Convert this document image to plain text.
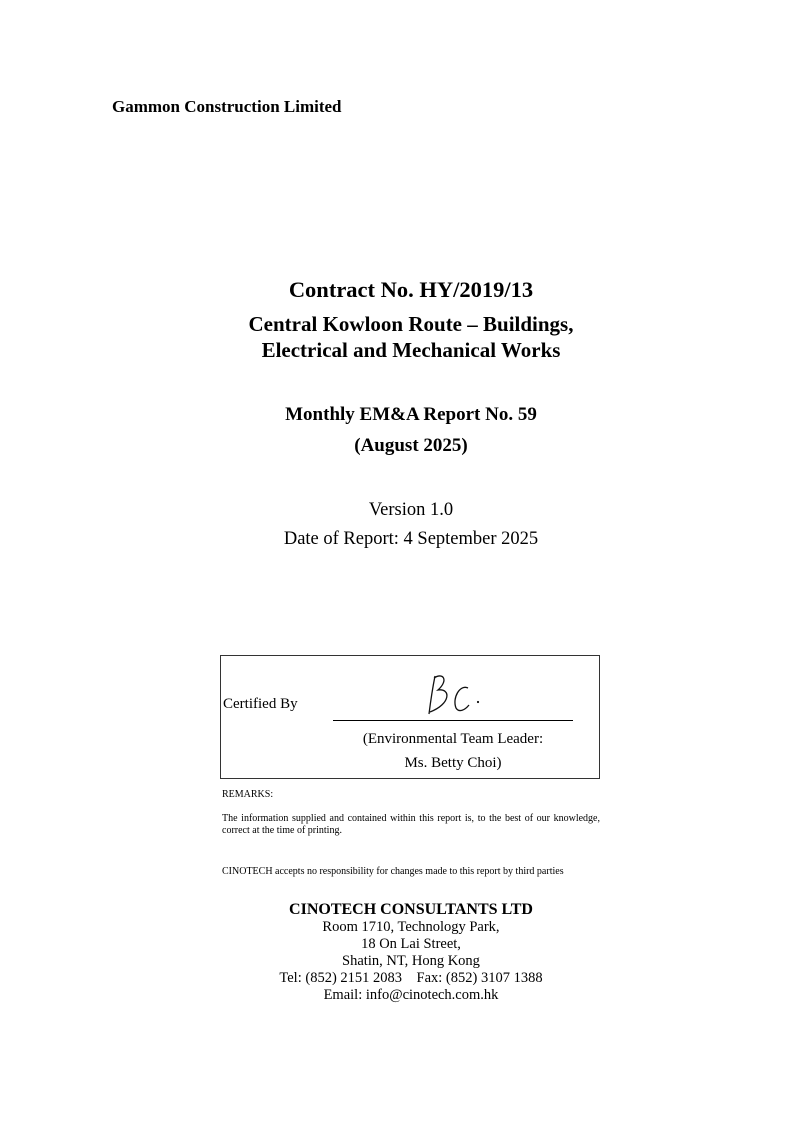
Gammon Construction Limited
Contract No. HY/2019/13
Central Kowloon Route – Buildings,
Electrical and Mechanical Works
Monthly EM&A Report No. 59
(August 2025)
Version 1.0
Date of Report: 4 September 2025
Certified By
(Environmental Team Leader:
Ms. Betty Choi)
REMARKS:
The information supplied and contained within this report is, to the best of our knowledge, correct at the time of printing.
CINOTECH accepts no responsibility for changes made to this report by third parties
CINOTECH CONSULTANTS LTD
Room 1710, Technology Park,
18 On Lai Street,
Shatin, NT, Hong Kong
Tel: (852) 2151 2083    Fax: (852) 3107 1388
Email: info@cinotech.com.hk
